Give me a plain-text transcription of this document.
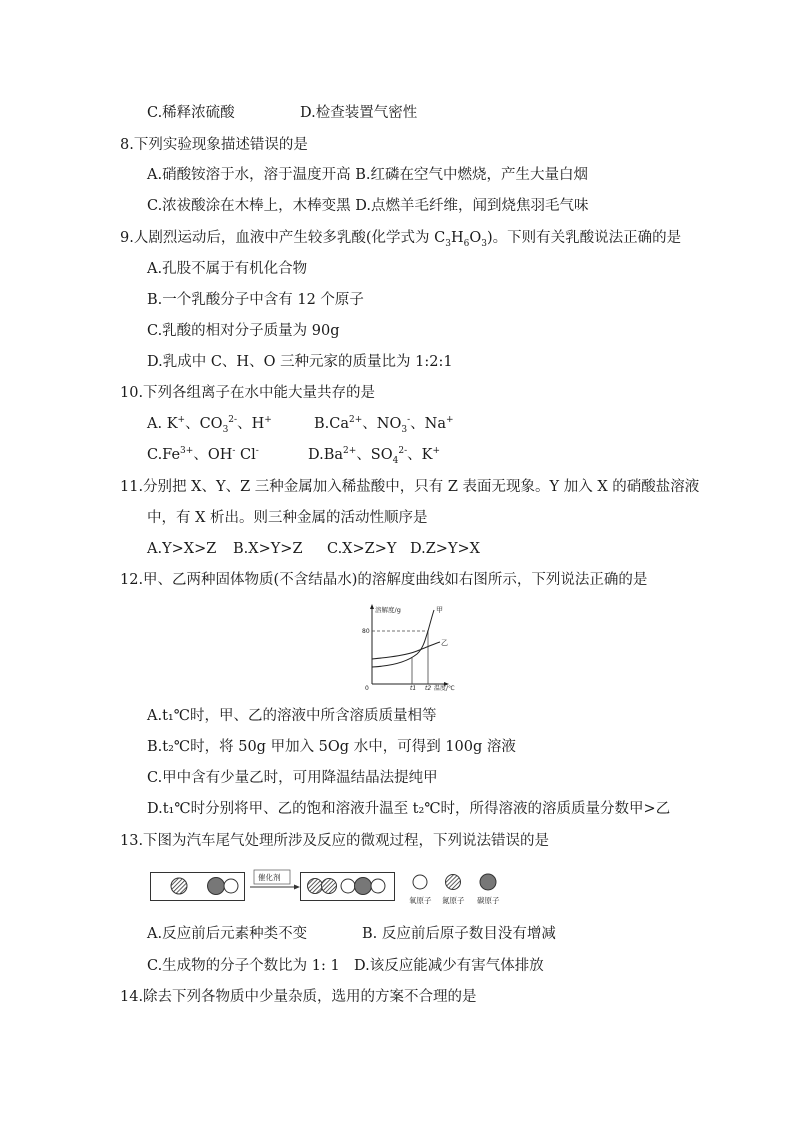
C.稀释浓硫酸	D.检查装置气密性
8.下列实验现象描述错误的是
A.硝酸铵溶于水，溶于温度开高 B.红磷在空气中燃烧，产生大量白烟
C.浓祓酸涂在木棒上，木棒变黑 D.点燃羊毛纤维，闻到烧焦羽毛气味
9.人剧烈运动后，血液中产生较多乳酸(化学式为 $C_3H_6O_3$)。下则有关乳酸说法正确的是
A.孔股不属于有机化合物
B.一个乳酸分子中含有 12 个原子
C.乳酸的相对分子质量为 90g
D.乳成中 C、H、O 三种元家的质量比为 1:2:1
10.下列各组离子在水中能大量共存的是
A. K+、$CO_3^{2-}$、H+	$B.Ca^{2+}$、$NO_3^-$、Na+
$C.Fe^{3+}$、OH- Cl-	$D.Ba^{2+}$、$SO_4^{2-}$、K+
11.分别把 X、Y、Z 三种金属加入稀盐酸中，只有 Z 表面无现象。Y 加入 X 的硝酸盐溶液
中，有 X 析出。则三种金属的活动性顺序是
A.Y>X>Z B.X>Y>Z C.X>Z>Y D.Z>Y>X
12.甲、乙两种固体物质(不含结晶水)的溶解度曲线如右图所示，下列说法正确的是
溶解度/g
80
0	t1 t2 温度/℃
甲
乙
A.t₁℃时，甲、乙的溶液中所含溶质质量相等
B.t₂℃时，将 50g 甲加入 5Og 水中，可得到 100g 溶液
C.甲中含有少量乙时，可用降温结晶法提纯甲
D.t₁℃时分别将甲、乙的饱和溶液升温至 t₂℃时，所得溶液的溶质质量分数甲>乙
13.下图为汽车尾气处理所涉及反应的微观过程，下列说法错误的是
催化剂
氧原子 氮原子 碳原子
A.反应前后元素种类不变	B. 反应前后原子数目没有增减
C.生成物的分子个数比为 1: 1 D.该反应能减少有害气体排放
14.除去下列各物质中少量杂质，选用的方案不合理的是
